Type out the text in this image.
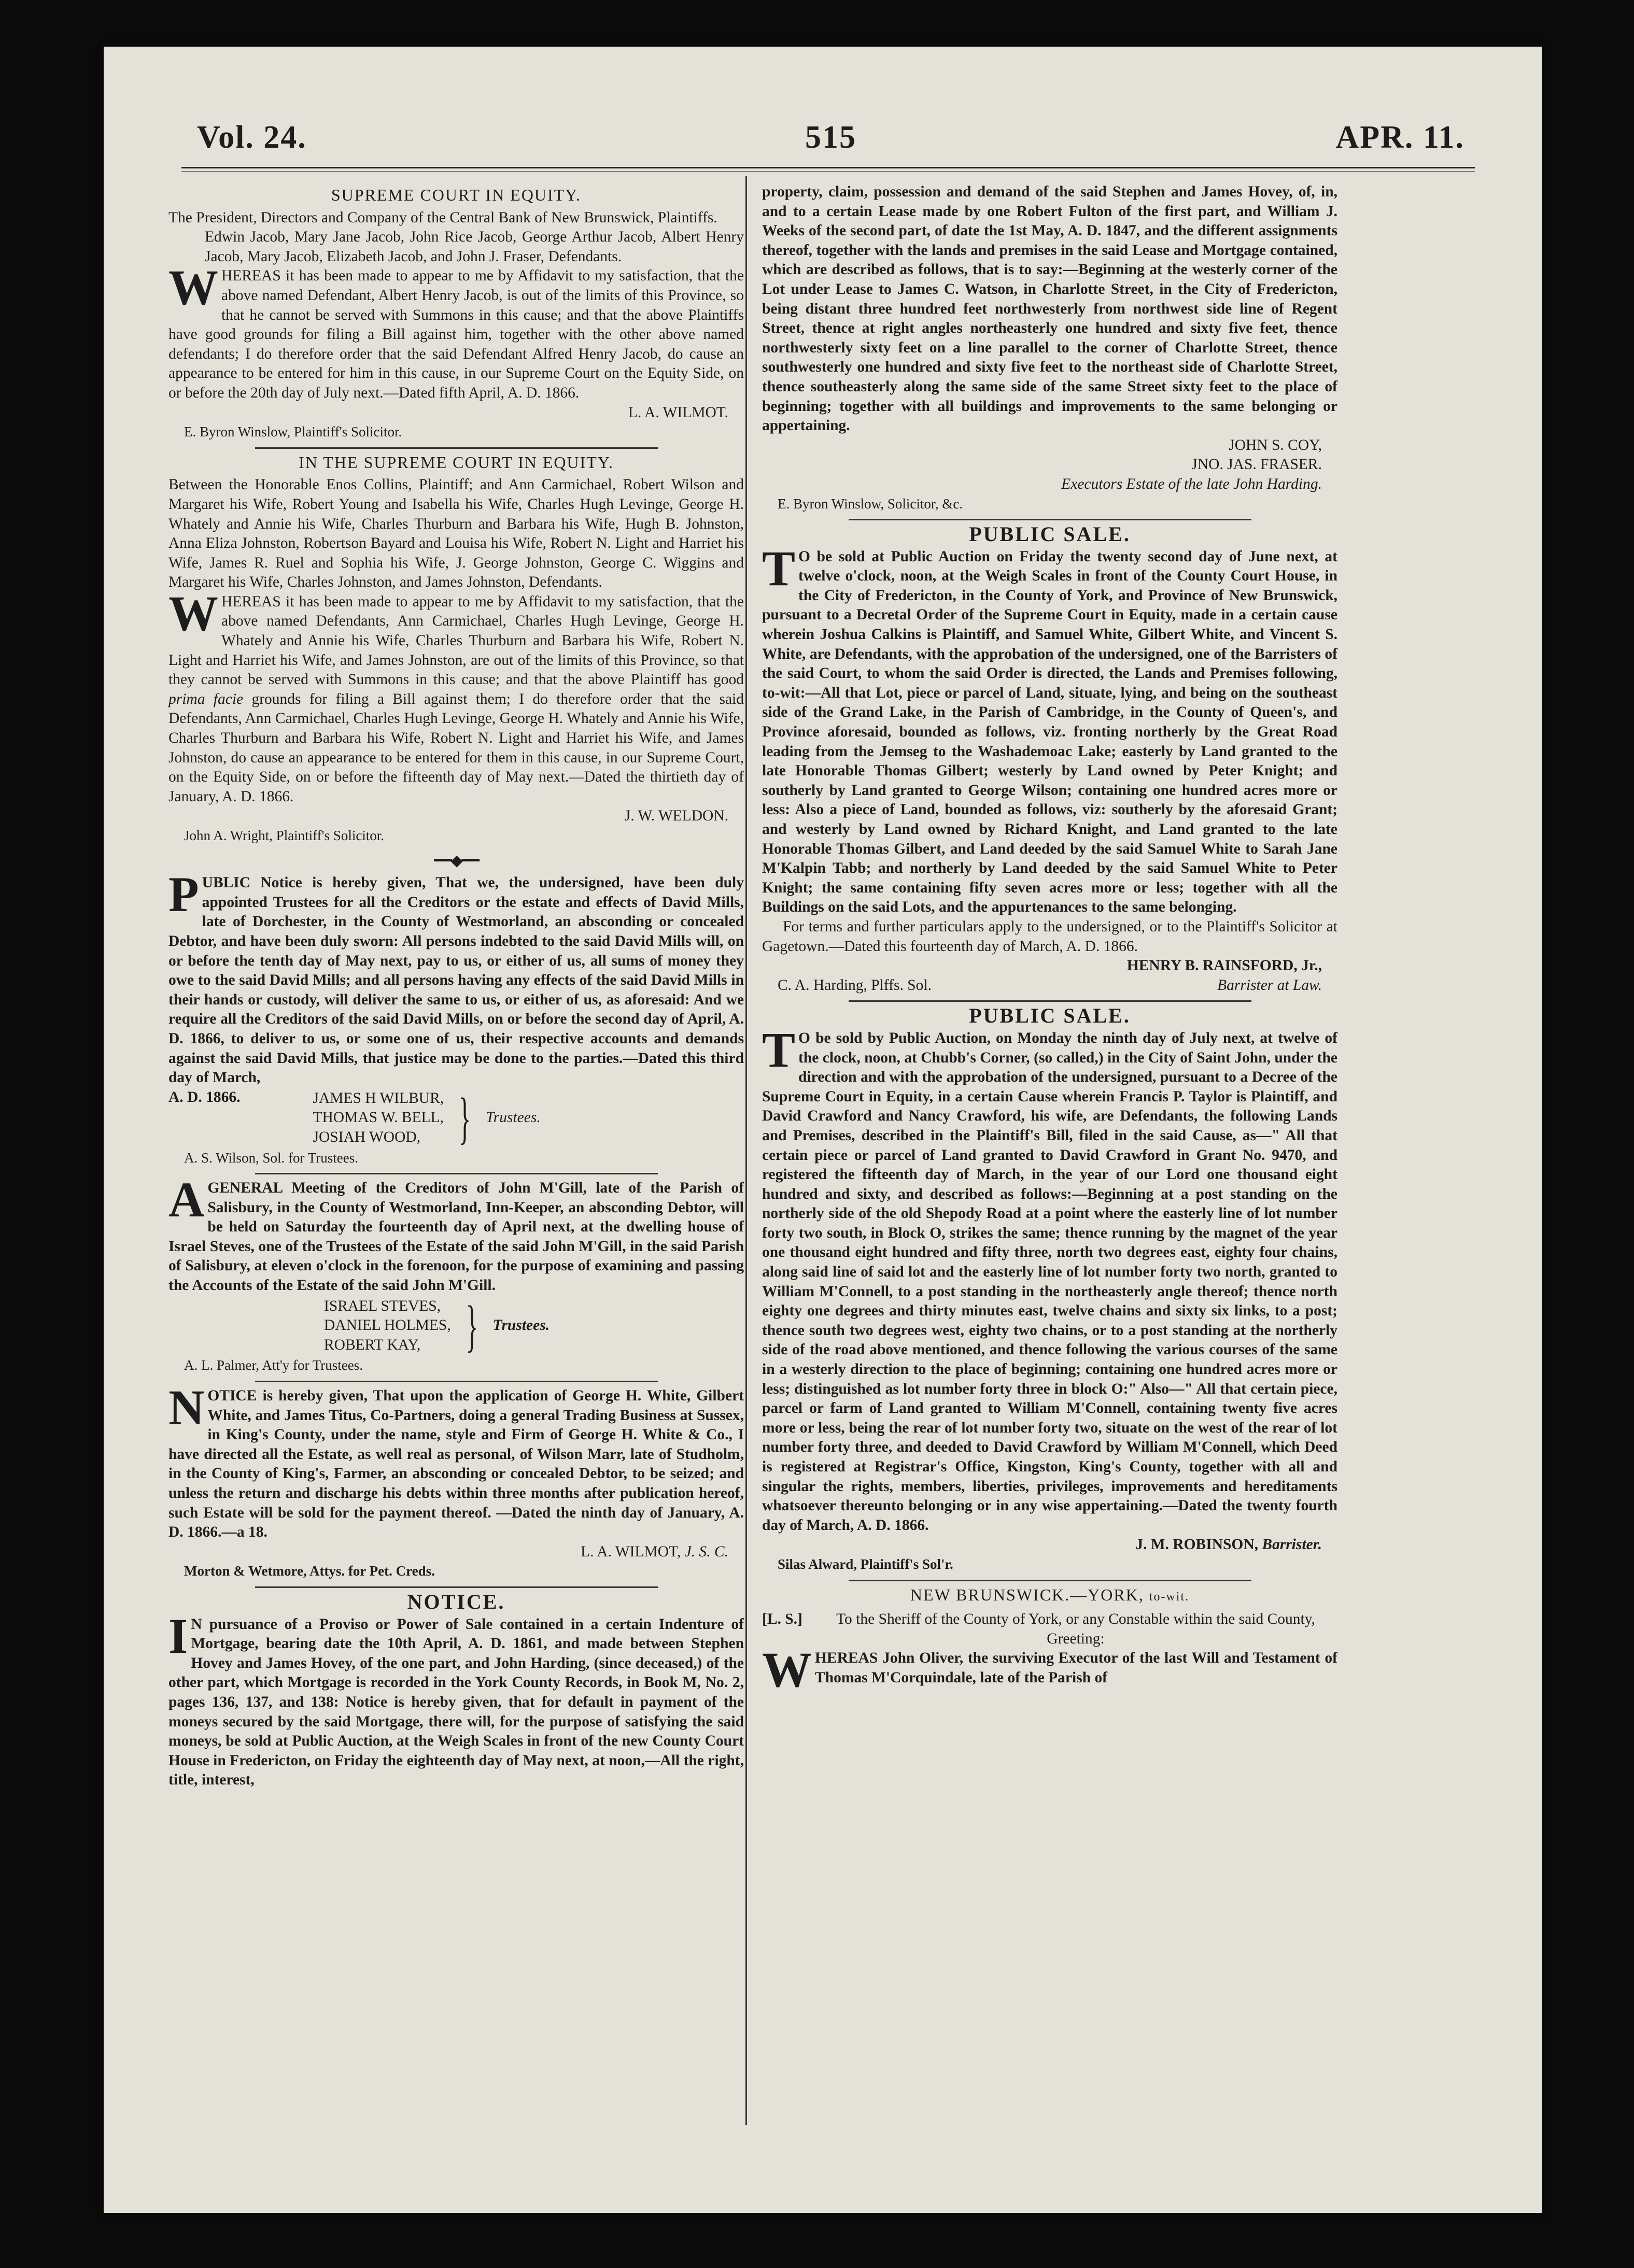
Vol. 24.	515	APR. 11.
SUPREME COURT IN EQUITY.

The President, Directors and Company of the Central Bank of New Brunswick, Plaintiffs.

Edwin Jacob, Mary Jane Jacob, John Rice Jacob, George Arthur Jacob, Albert Henry Jacob, Mary Jacob, Elizabeth Jacob, and John J. Fraser, Defendants.

WHEREAS it has been made to appear to me by Affidavit to my satisfaction, that the above named Defendant, Albert Henry Jacob, is out of the limits of this Province, so that he cannot be served with Summons in this cause; and that the above Plaintiffs have good grounds for filing a Bill against him, together with the other above named defendants; I do therefore order that the said Defendant Alfred Henry Jacob, do cause an appearance to be entered for him in this cause, in our Supreme Court on the Equity Side, on or before the 20th day of July next.—Dated fifth April, A. D. 1866.

L. A. WILMOT.
E. Byron Winslow, Plaintiff's Solicitor.
IN THE SUPREME COURT IN EQUITY.

Between the Honorable Enos Collins, Plaintiff; and Ann Carmichael, Robert Wilson and Margaret his Wife, Robert Young and Isabella his Wife, Charles Hugh Levinge, George H. Whately and Annie his Wife, Charles Thurburn and Barbara his Wife, Hugh B. Johnston, Anna Eliza Johnston, Robertson Bayard and Louisa his Wife, Robert N. Light and Harriet his Wife, James R. Ruel and Sophia his Wife, J. George Johnston, George C. Wiggins and Margaret his Wife, Charles Johnston, and James Johnston, Defendants.

WHEREAS it has been made to appear to me by Affidavit to my satisfaction, that the above named Defendants, Ann Carmichael, Charles Hugh Levinge, George H. Whately and Annie his Wife, Charles Thurburn and Barbara his Wife, Robert N. Light and Harriet his Wife, and James Johnston, are out of the limits of this Province, so that they cannot be served with Summons in this cause; and that the above Plaintiff has good prima facie grounds for filing a Bill against them; I do therefore order that the said Defendants, Ann Carmichael, Charles Hugh Levinge, George H. Whately and Annie his Wife, Charles Thurburn and Barbara his Wife, Robert N. Light and Harriet his Wife, and James Johnston, do cause an appearance to be entered for them in this cause, in our Supreme Court, on the Equity Side, on or before the fifteenth day of May next.—Dated the thirtieth day of January, A. D. 1866.

J. W. WELDON.
John A. Wright, Plaintiff's Solicitor.
━━◆━━

PUBLIC Notice is hereby given, That we, the undersigned, have been duly appointed Trustees for all the Creditors or the estate and effects of David Mills, late of Dorchester, in the County of Westmorland, an absconding or concealed Debtor, and have been duly sworn: All persons indebted to the said David Mills will, on or before the tenth day of May next, pay to us, or either of us, all sums of money they owe to the said David Mills; and all persons having any effects of the said David Mills in their hands or custody, will deliver the same to us, or either of us, as aforesaid: And we require all the Creditors of the said David Mills, on or before the second day of April, A. D. 1866, to deliver to us, or some one of us, their respective accounts and demands against the said David Mills, that justice may be done to the parties.—Dated this third day of March,

A. D. 1866.	JAMES H WILBUR,
THOMAS W. BELL,
JOSIAH WOOD, } Trustees.
A. S. Wilson, Sol. for Trustees.

AGENERAL Meeting of the Creditors of John M'Gill, late of the Parish of Salisbury, in the County of Westmorland, Inn-Keeper, an absconding Debtor, will be held on Saturday the fourteenth day of April next, at the dwelling house of Israel Steves, one of the Trustees of the Estate of the said John M'Gill, in the said Parish of Salisbury, at eleven o'clock in the forenoon, for the purpose of examining and passing the Accounts of the Estate of the said John M'Gill.

ISRAEL STEVES,
DANIEL HOLMES,
ROBERT KAY, } Trustees.
A. L. Palmer, Att'y for Trustees.

NOTICE is hereby given, That upon the application of George H. White, Gilbert White, and James Titus, Co-Partners, doing a general Trading Business at Sussex, in King's County, under the name, style and Firm of George H. White & Co., I have directed all the Estate, as well real as personal, of Wilson Marr, late of Studholm, in the County of King's, Farmer, an absconding or concealed Debtor, to be seized; and unless the return and discharge his debts within three months after publication hereof, such Estate will be sold for the payment thereof. —Dated the ninth day of January, A. D. 1866.—a 18.

L. A. WILMOT, J. S. C.
Morton & Wetmore, Attys. for Pet. Creds.
NOTICE.

IN pursuance of a Proviso or Power of Sale contained in a certain Indenture of Mortgage, bearing date the 10th April, A. D. 1861, and made between Stephen Hovey and James Hovey, of the one part, and John Harding, (since deceased,) of the other part, which Mortgage is recorded in the York County Records, in Book M, No. 2, pages 136, 137, and 138: Notice is hereby given, that for default in payment of the moneys secured by the said Mortgage, there will, for the purpose of satisfying the said moneys, be sold at Public Auction, at the Weigh Scales in front of the new County Court House in Fredericton, on Friday the eighteenth day of May next, at noon,—All the right, title, interest,

property, claim, possession and demand of the said Stephen and James Hovey, of, in, and to a certain Lease made by one Robert Fulton of the first part, and William J. Weeks of the second part, of date the 1st May, A. D. 1847, and the different assignments thereof, together with the lands and premises in the said Lease and Mortgage contained, which are described as follows, that is to say:—Beginning at the westerly corner of the Lot under Lease to James C. Watson, in Charlotte Street, in the City of Fredericton, being distant three hundred feet northwesterly from northwest side line of Regent Street, thence at right angles northeasterly one hundred and sixty five feet, thence northwesterly sixty feet on a line parallel to the corner of Charlotte Street, thence southwesterly one hundred and sixty five feet to the northeast side of Charlotte Street, thence southeasterly along the same side of the same Street sixty feet to the place of beginning; together with all buildings and improvements to the same belonging or appertaining.

JOHN S. COY,
JNO. JAS. FRASER.
Executors Estate of the late John Harding.
E. Byron Winslow, Solicitor, &c.
PUBLIC SALE.

TO be sold at Public Auction on Friday the twenty second day of June next, at twelve o'clock, noon, at the Weigh Scales in front of the County Court House, in the City of Fredericton, in the County of York, and Province of New Brunswick, pursuant to a Decretal Order of the Supreme Court in Equity, made in a certain cause wherein Joshua Calkins is Plaintiff, and Samuel White, Gilbert White, and Vincent S. White, are Defendants, with the approbation of the undersigned, one of the Barristers of the said Court, to whom the said Order is directed, the Lands and Premises following, to-wit:—All that Lot, piece or parcel of Land, situate, lying, and being on the southeast side of the Grand Lake, in the Parish of Cambridge, in the County of Queen's, and Province aforesaid, bounded as follows, viz. fronting northerly by the Great Road leading from the Jemseg to the Washademoac Lake; easterly by Land granted to the late Honorable Thomas Gilbert; westerly by Land owned by Peter Knight; and southerly by Land granted to George Wilson; containing one hundred acres more or less: Also a piece of Land, bounded as follows, viz: southerly by the aforesaid Grant; and westerly by Land owned by Richard Knight, and Land granted to the late Honorable Thomas Gilbert, and Land deeded by the said Samuel White to Sarah Jane M'Kalpin Tabb; and northerly by Land deeded by the said Samuel White to Peter Knight; the same containing fifty seven acres more or less; together with all the Buildings on the said Lots, and the appurtenances to the same belonging.

For terms and further particulars apply to the undersigned, or to the Plaintiff's Solicitor at Gagetown.—Dated this fourteenth day of March, A. D. 1866.

HENRY B. RAINSFORD, Jr.,
C. A. Harding, Plffs. Sol.	Barrister at Law.
PUBLIC SALE.

TO be sold by Public Auction, on Monday the ninth day of July next, at twelve of the clock, noon, at Chubb's Corner, (so called,) in the City of Saint John, under the direction and with the approbation of the undersigned, pursuant to a Decree of the Supreme Court in Equity, in a certain Cause wherein Francis P. Taylor is Plaintiff, and David Crawford and Nancy Crawford, his wife, are Defendants, the following Lands and Premises, described in the Plaintiff's Bill, filed in the said Cause, as—" All that certain piece or parcel of Land granted to David Crawford in Grant No. 9470, and registered the fifteenth day of March, in the year of our Lord one thousand eight hundred and sixty, and described as follows:—Beginning at a post standing on the northerly side of the old Shepody Road at a point where the easterly line of lot number forty two south, in Block O, strikes the same; thence running by the magnet of the year one thousand eight hundred and fifty three, north two degrees east, eighty four chains, along said line of said lot and the easterly line of lot number forty two north, granted to William M'Connell, to a post standing in the northeasterly angle thereof; thence north eighty one degrees and thirty minutes east, twelve chains and sixty six links, to a post; thence south two degrees west, eighty two chains, or to a post standing at the northerly side of the road above mentioned, and thence following the various courses of the same in a westerly direction to the place of beginning; containing one hundred acres more or less; distinguished as lot number forty three in block O:" Also—" All that certain piece, parcel or farm of Land granted to William M'Connell, containing twenty five acres more or less, being the rear of lot number forty two, situate on the west of the rear of lot number forty three, and deeded to David Crawford by William M'Connell, which Deed is registered at Registrar's Office, Kingston, King's County, together with all and singular the rights, members, liberties, privileges, improvements and hereditaments whatsoever thereunto belonging or in any wise appertaining.—Dated the twenty fourth day of March, A. D. 1866.

J. M. ROBINSON, Barrister.
Silas Alward, Plaintiff's Sol'r.
NEW BRUNSWICK.—YORK, to-wit.
[L. S.]	To the Sheriff of the County of York, or any Constable within the said County, Greeting:

WHEREAS John Oliver, the surviving Executor of the last Will and Testament of Thomas M'Corquindale, late of the Parish of
